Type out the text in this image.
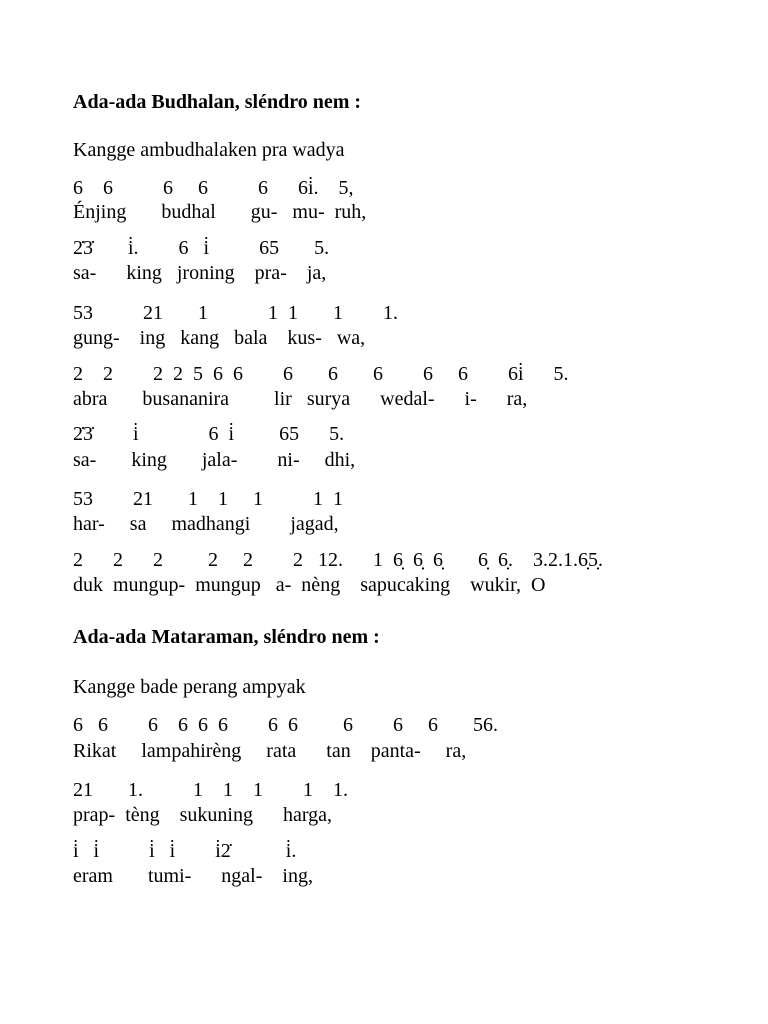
Ada-ada Budhalan, sléndro nem :
Kangge ambudhalaken pra wadya
6    6          6     6          6      6i̇.    5,
Énjing       budhal       gu-   mu-  ruh,
2̇3̇       i̇.        6   i̇          65       5.
sa-      king   jroning    pra-    ja,
53          21       1            1  1       1        1.
gung-    ing   kang   bala    kus-   wa,
2    2        2  2  5  6  6        6       6       6        6     6        6i̇      5.
abra       busananira         lir   surya      wedal-      i-      ra,
2̇3̇        i̇              6  i̇         65      5.
sa-       king       jala-        ni-     dhi,
53        21       1    1     1          1  1
har-     sa     madhangi        jagad,
2      2      2         2     2        2   12.      1  6̣  6̣  6̣       6̣  6̣.    3.2.1.6̣5̣.
duk  mungup-  mungup   a-  nèng    sapucaking    wukir,  O
Ada-ada Mataraman, sléndro nem :
Kangge bade perang ampyak
6   6        6    6  6  6        6  6         6        6     6       56.
Rikat     lampahirèng     rata      tan    panta-     ra,
21       1.          1    1    1        1    1.
prap-  tèng    sukuning      harga,
i̇   i̇          i̇   i̇        i̇2̇           i̇.
eram       tumi-      ngal-    ing,
